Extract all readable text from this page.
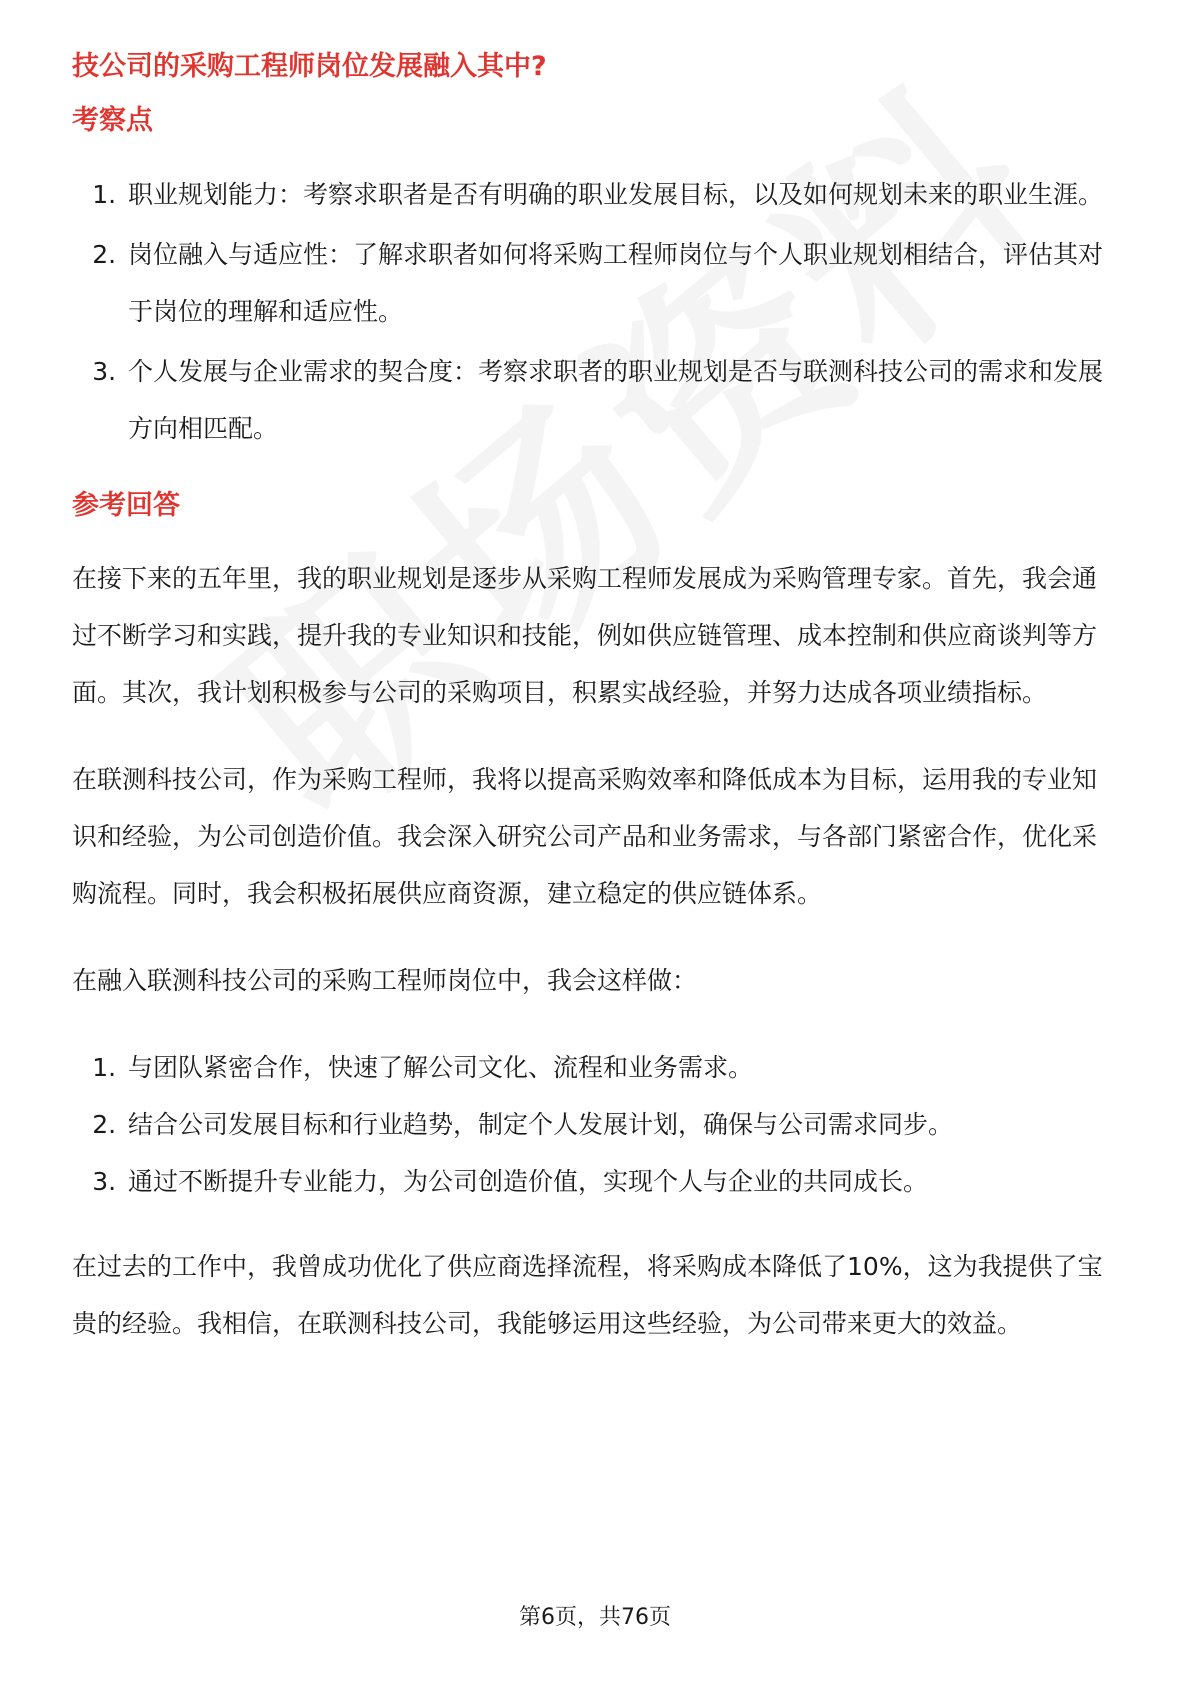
技公司的采购工程师岗位发展融入其中?
考察点
1. 职业规划能力：考察求职者是否有明确的职业发展目标，以及如何规划未来的职业生涯。
2. 岗位融入与适应性：了解求职者如何将采购工程师岗位与个人职业规划相结合，评估其对于岗位的理解和适应性。
3. 个人发展与企业需求的契合度：考察求职者的职业规划是否与联测科技公司的需求和发展方向相匹配。
参考回答

在接下来的五年里，我的职业规划是逐步从采购工程师发展成为采购管理专家。首先，我会通过不断学习和实践，提升我的专业知识和技能，例如供应链管理、成本控制和供应商谈判等方面。其次，我计划积极参与公司的采购项目，积累实战经验，并努力达成各项业绩指标。

在联测科技公司，作为采购工程师，我将以提高采购效率和降低成本为目标，运用我的专业知识和经验，为公司创造价值。我会深入研究公司产品和业务需求，与各部门紧密合作，优化采购流程。同时，我会积极拓展供应商资源，建立稳定的供应链体系。

在融入联测科技公司的采购工程师岗位中，我会这样做：

1. 与团队紧密合作，快速了解公司文化、流程和业务需求。
2. 结合公司发展目标和行业趋势，制定个人发展计划，确保与公司需求同步。
3. 通过不断提升专业能力，为公司创造价值，实现个人与企业的共同成长。

在过去的工作中，我曾成功优化了供应商选择流程，将采购成本降低了10%，这为我提供了宝贵的经验。我相信，在联测科技公司，我能够运用这些经验，为公司带来更大的效益。

第6页，共76页
